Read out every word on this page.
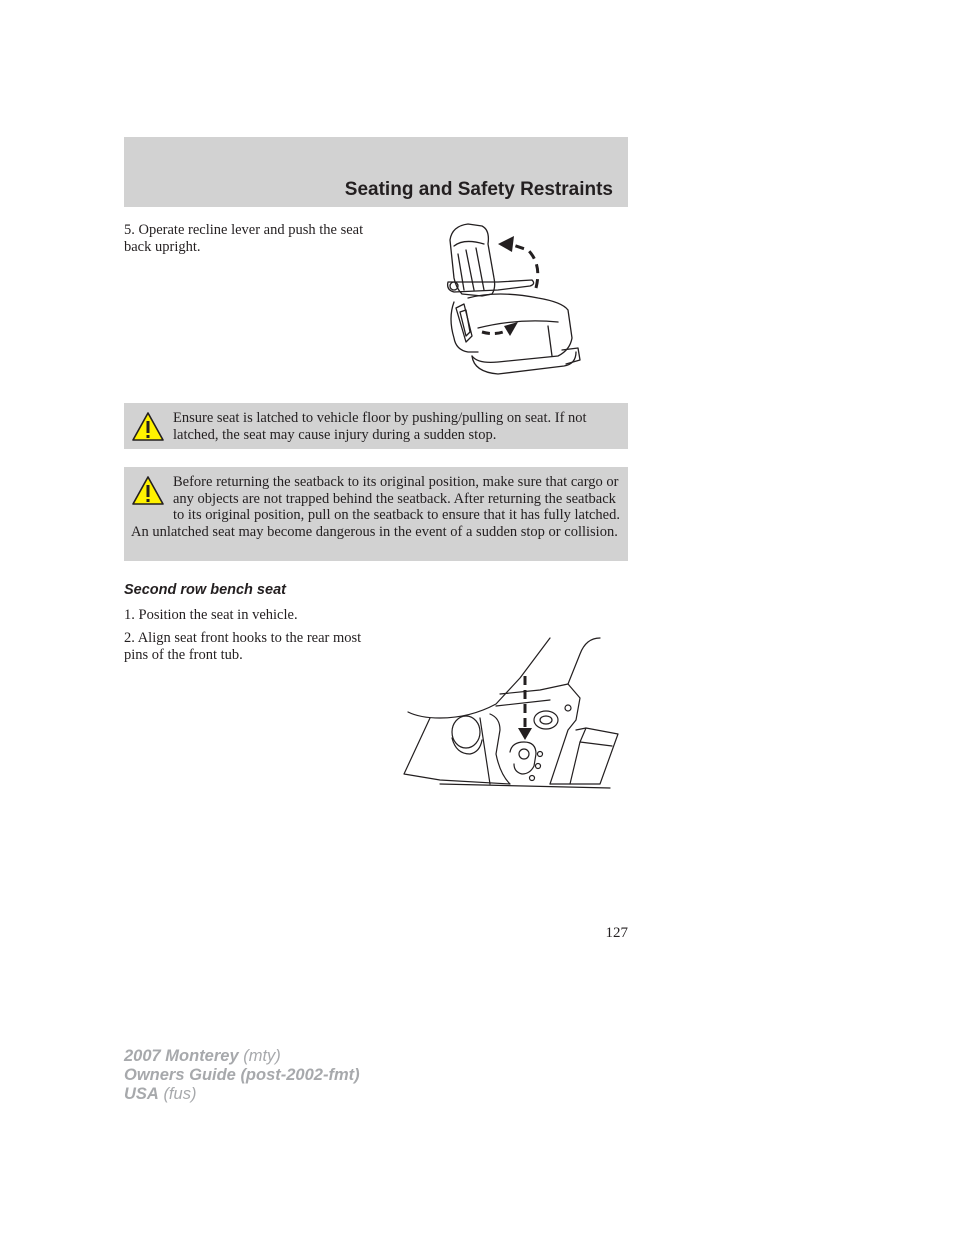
Seating and Safety Restraints

5. Operate recline lever and push the seat back upright.

Ensure seat is latched to vehicle floor by pushing/pulling on seat. If not latched, the seat may cause injury during a sudden stop.
Before returning the seatback to its original position, make sure that cargo or any objects are not trapped behind the seatback. After returning the seatback to its original position, pull on the seatback to ensure that it has fully latched. An unlatched seat may become dangerous in the event of a sudden stop or collision.
Second row bench seat

1. Position the seat in vehicle.

2. Align seat front hooks to the rear most pins of the front tub.

127
2007 Monterey (mty)
Owners Guide (post-2002-fmt)
USA (fus)
